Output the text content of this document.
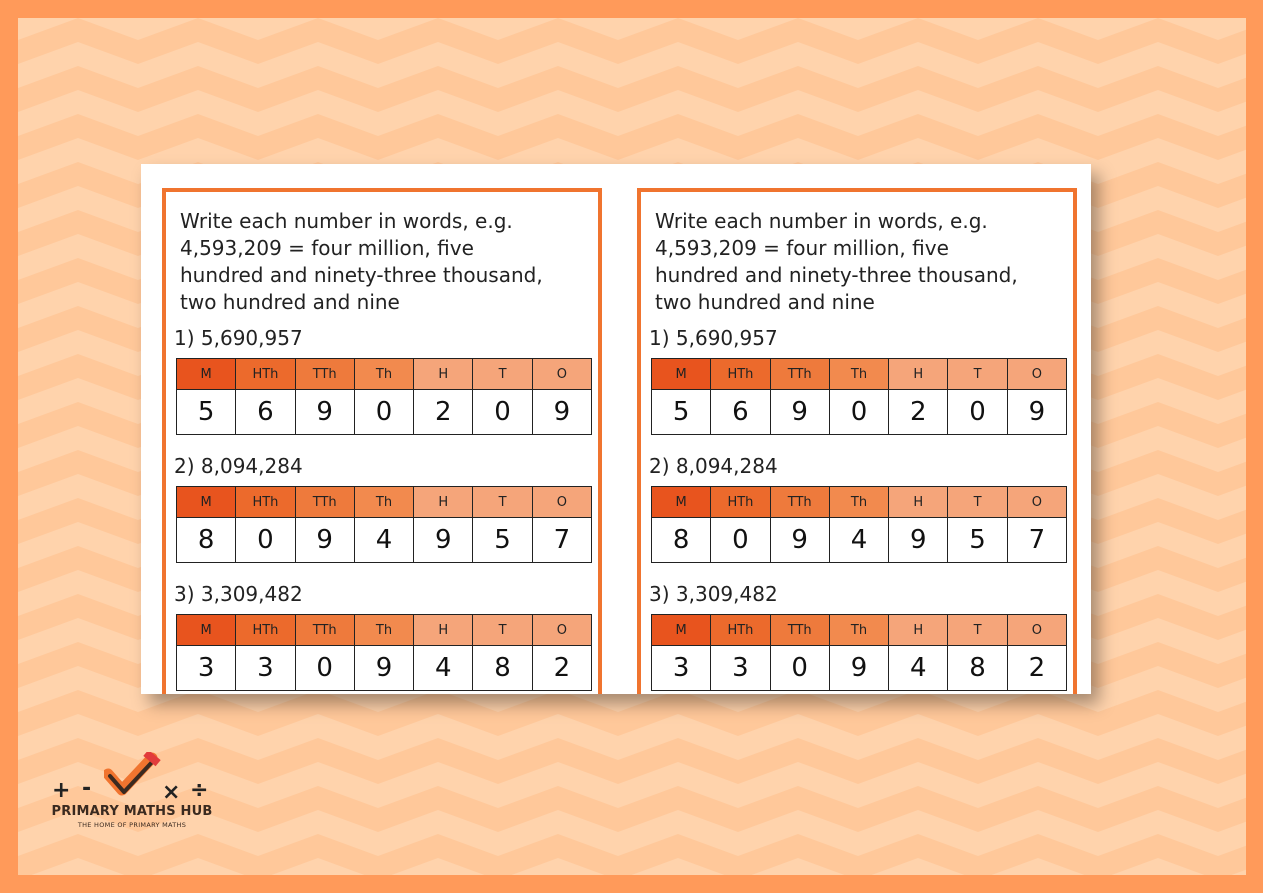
Write each number in words, e.g.
4,593,209 = four million, five
hundred and ninety-three thousand,
two hundred and nine
1) 5,690,957
M	HTh	TTh	Th	H	T	O
5	6	9	0	2	0	9
2) 8,094,284
M	HTh	TTh	Th	H	T	O
8	0	9	4	9	5	7
3) 3,309,482
M	HTh	TTh	Th	H	T	O
3	3	0	9	4	8	2
Write each number in words, e.g.
4,593,209 = four million, five
hundred and ninety-three thousand,
two hundred and nine
1) 5,690,957
M	HTh	TTh	Th	H	T	O
5	6	9	0	2	0	9
2) 8,094,284
M	HTh	TTh	Th	H	T	O
8	0	9	4	9	5	7
3) 3,309,482
M	HTh	TTh	Th	H	T	O
3	3	0	9	4	8	2
+ -	× ÷
PRIMARY MATHS HUB
THE HOME OF PRIMARY MATHS
